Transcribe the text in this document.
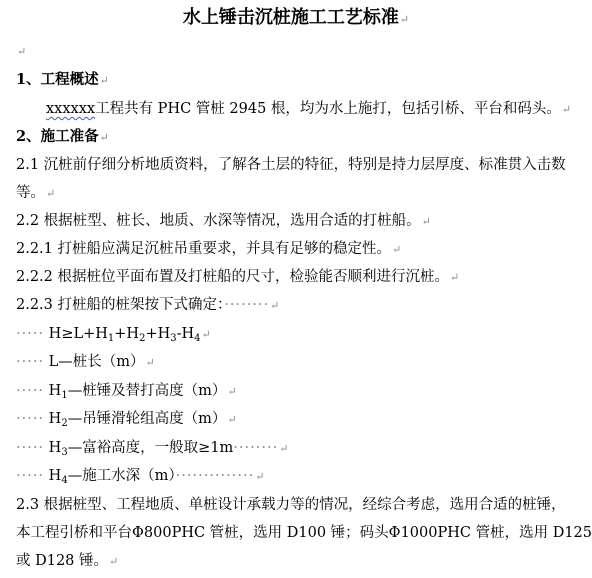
水上锤击沉桩施工工艺标准↵
↵
1、工程概述↵
xxxxxx工程共有 PHC 管桩 2945 根，均为水上施打，包括引桥、平台和码头。↵
2、施工准备↵
2.1 沉桩前仔细分析地质资料，了解各土层的特征，特别是持力层厚度、标准贯入击数
等。↵
2.2 根据桩型、桩长、地质、水深等情况，选用合适的打桩船。↵
2.2.1 打桩船应满足沉桩吊重要求，并具有足够的稳定性。↵
2.2.2 根据桩位平面布置及打桩船的尺寸，检验能否顺利进行沉桩。↵
2.2.3 打桩船的桩架按下式确定：········↵
····· $H\ge L+H_1+H_2+H_3-H_4↵$
····· L—桩长（m）↵
····· $H_1—$桩锤及替打高度（m）↵
····· $H_2—$吊锤滑轮组高度（m）↵
····· $H_3—$富裕高度，一般取≥1m········↵
····· $H_4—$施工水深（m）··············↵
2.3 根据桩型、工程地质、单桩设计承载力等的情况，经综合考虑，选用合适的桩锤，
本工程引桥和平台Φ800PHC 管桩，选用 D100 锤；码头Φ1000PHC 管桩，选用 D125
或 D128 锤。↵
